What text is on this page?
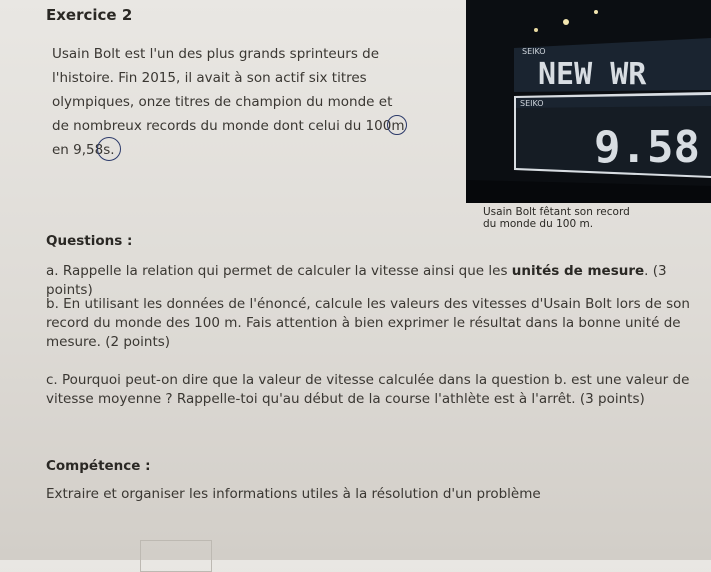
Exercice 2
Usain Bolt est l'un des plus grands sprinteurs de
l'histoire. Fin 2015, il avait à son actif six titres
olympiques, onze titres de champion du monde et
de nombreux records du monde dont celui du 100m
en 9,58s.
SEIKO
NEW WR
SEIKO
9.58
Usain Bolt fêtant son record
du monde du 100 m.
Questions :
a. Rappelle la relation qui permet de calculer la vitesse ainsi que les unités de mesure. (3 points)
b. En utilisant les données de l'énoncé, calcule les valeurs des vitesses d'Usain Bolt lors de son
record du monde des 100 m. Fais attention à bien exprimer le résultat dans la bonne unité de
mesure. (2 points)
c. Pourquoi peut-on dire que la valeur de vitesse calculée dans la question b. est une valeur de
vitesse moyenne ? Rappelle-toi qu'au début de la course l'athlète est à l'arrêt. (3 points)
Compétence :
Extraire et organiser les informations utiles à la résolution d'un problème
